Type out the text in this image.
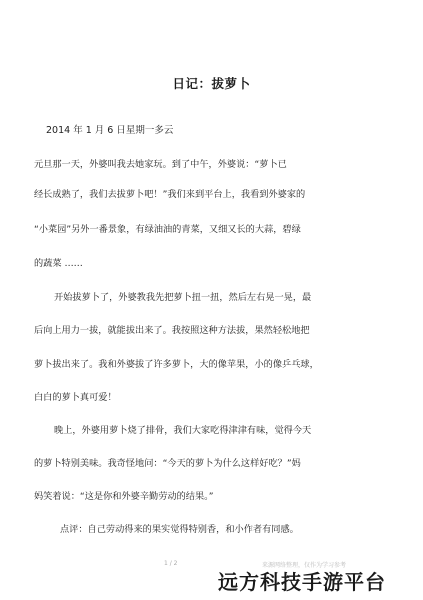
日记：拔萝卜
2014 年 1 月 6 日星期一多云
元旦那一天，外婆叫我去她家玩。到了中午，外婆说：“萝卜已
经长成熟了，我们去拔萝卜吧！”我们来到平台上，我看到外婆家的
“小菜园”另外一番景象，有绿油油的青菜，又细又长的大蒜，碧绿
的蔬菜 ……
开始拔萝卜了，外婆教我先把萝卜扭一扭，然后左右晃一晃，最
后向上用力一拔，就能拔出来了。我按照这种方法拔，果然轻松地把
萝卜拔出来了。我和外婆拔了许多萝卜，大的像苹果，小的像乒乓球，
白白的萝卜真可爱！
晚上，外婆用萝卜烧了排骨，我们大家吃得津津有味，觉得今天
的萝卜特别美味。我奇怪地问：“今天的萝卜为什么这样好吃？”妈
妈笑着说：“这是你和外婆辛勤劳动的结果。”
点评：自己劳动得来的果实觉得特别香，和小作者有同感。
1 / 2	来源网络整理，仅作为学习参考
远方科技手游平台
